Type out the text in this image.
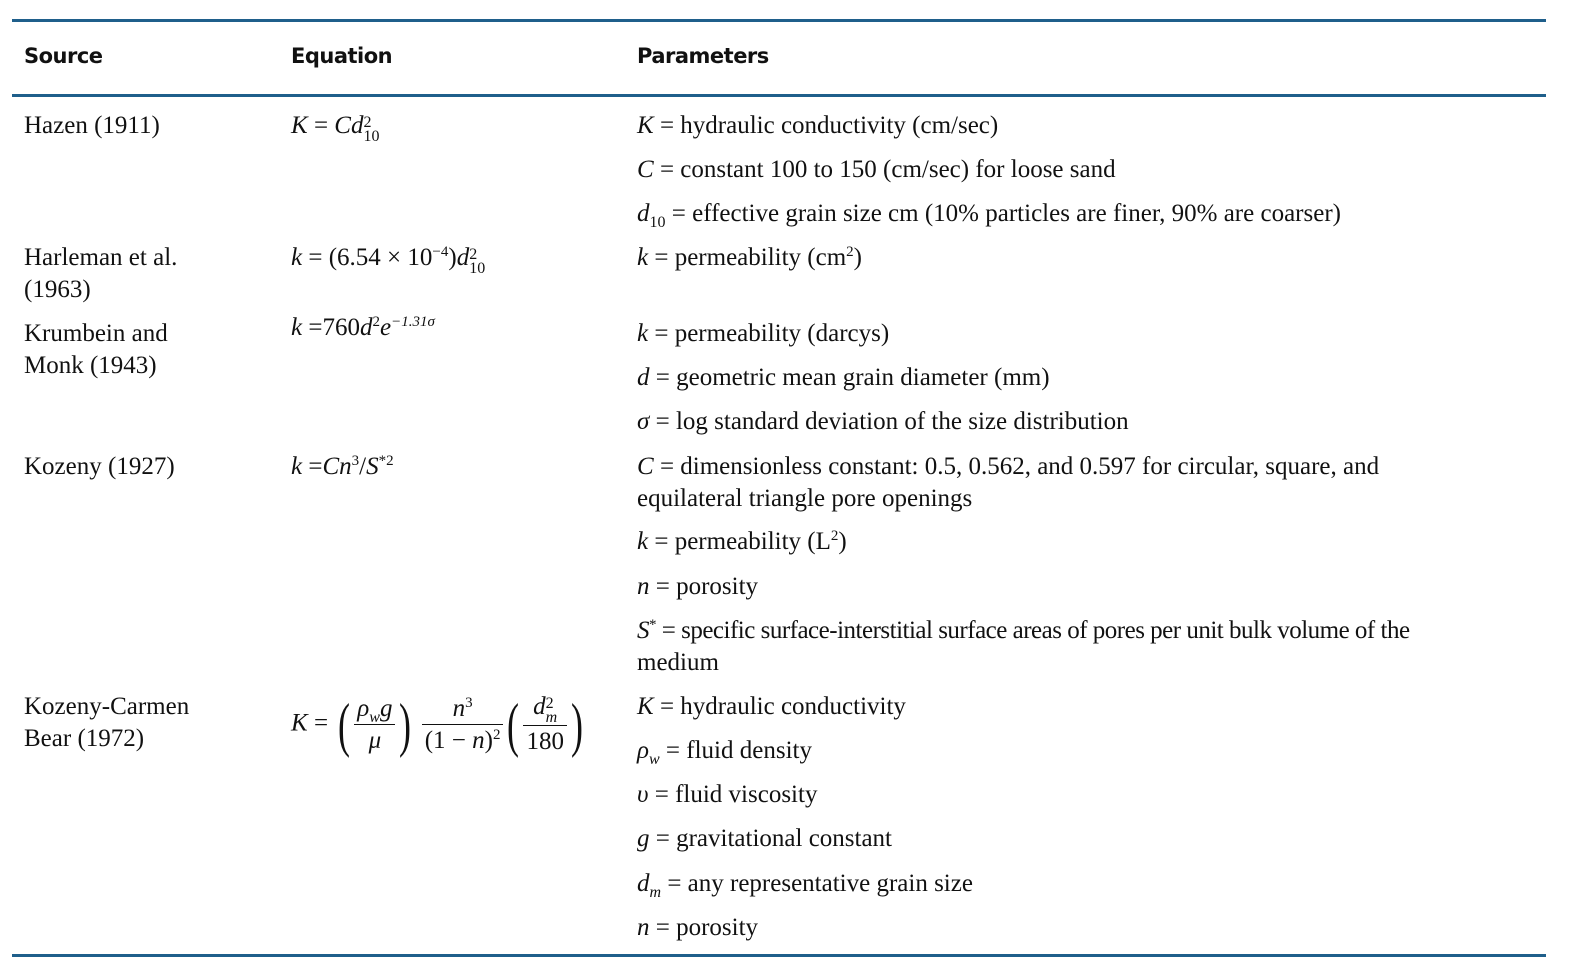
Source	Equation	Parameters
Hazen (1911)
Harleman et al.
(1963)
Krumbein and
Monk (1943)
Kozeny (1927)
Kozeny-Carmen
Bear (1972)
K = Cd 2
10
$k = (6.54 \times 10^{-4})d$ 2
10
$k =760d^2e^{-1.31\sigma}$
$k =Cn^3/S^{*2}$
K = ( $\frac{\rho_wg}{\mu}$ ) $\frac{n^3}{(1 - n)^2}$ ( d 2
m
180 )
K = hydraulic conductivity (cm/sec)
C = constant 100 to 150 (cm/sec) for loose sand
$d_{10}$ = effective grain size cm (10% particles are finer, 90% are coarser)
k = permeability $(cm^2)$
k = permeability (darcys)
d = geometric mean grain diameter (mm)
σ = log standard deviation of the size distribution
C = dimensionless constant: 0.5, 0.562, and 0.597 for circular, square, and
equilateral triangle pore openings
k = permeability $(L^2)$
n = porosity
S* = specific surface-interstitial surface areas of pores per unit bulk volume of the
medium
K = hydraulic conductivity
$\rho_w$ = fluid density
υ = fluid viscosity
g = gravitational constant
$d_m$ = any representative grain size
n = porosity
